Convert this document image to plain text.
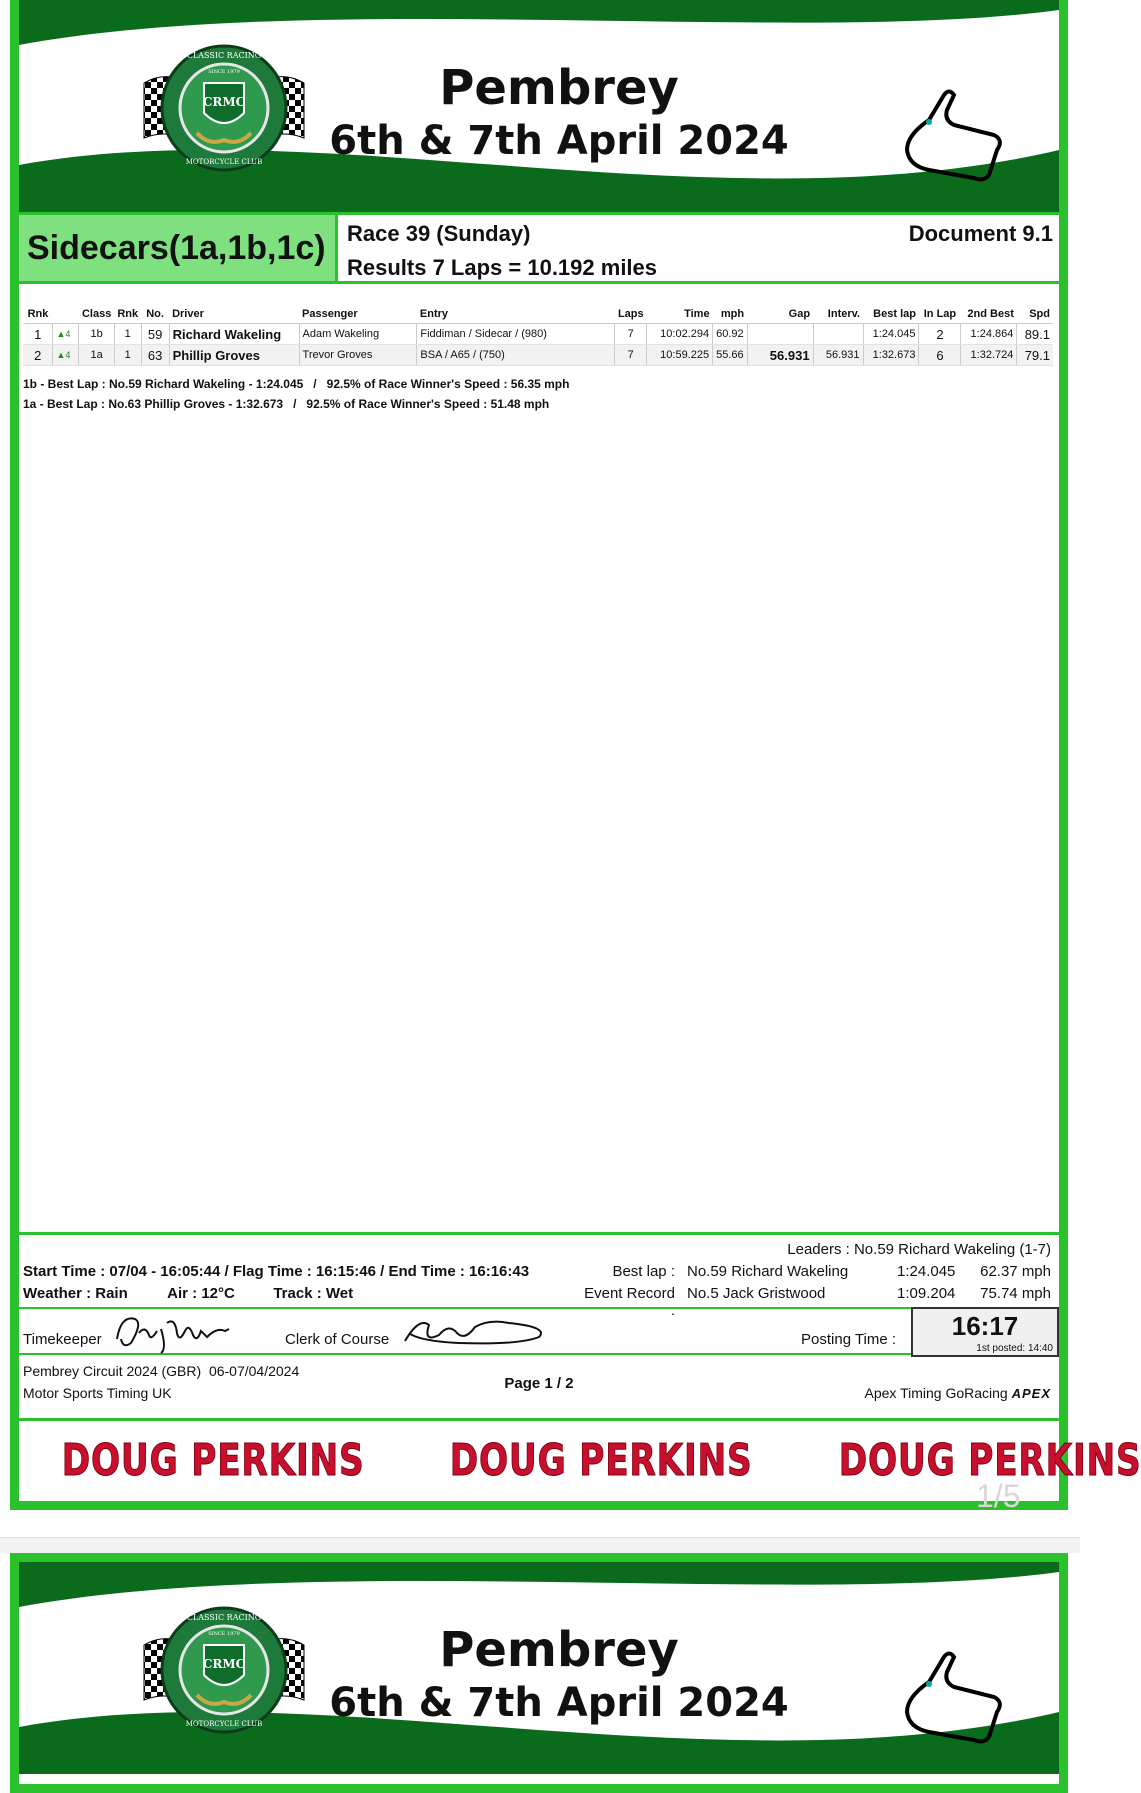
CRMC
CLASSIC RACING
SINCE 1979
MOTORCYCLE CLUB
Pembrey
6th & 7th April 2024
Sidecars(1a,1b,1c) Race 39 (Sunday)
Results 7 Laps = 10.192 miles
Document 9.1
Rnk		Class	Rnk	No.	Driver	Passenger	Entry	Laps	Time	mph	Gap	Interv.	Best lap	In Lap	2nd Best	Spd
1	▲4	1b	1	59	Richard Wakeling	Adam Wakeling	Fiddiman / Sidecar / (980)	7	10:02.294	60.92			1:24.045	2	1:24.864	89.1
2	▲4	1a	1	63	Phillip Groves	Trevor Groves	BSA / A65 / (750)	7	10:59.225	55.66	56.931	56.931	1:32.673	6	1:32.724	79.1
1b - Best Lap : No.59 Richard Wakeling - 1:24.045   /   92.5% of Race Winner's Speed : 56.35 mph
1a - Best Lap : No.63 Phillip Groves - 1:32.673   /   92.5% of Race Winner's Speed : 51.48 mph
Leaders : No.59 Richard Wakeling (1-7)
Start Time : 07/04 - 16:05:44 / Flag Time : 16:15:46 / End Time : 16:16:43
Weather : Rain	Air : 12°C	Track : Wet
Best lap : No.59 Richard Wakeling	1:24.045	62.37 mph
Event Record :
No.5 Jack Gristwood	1:09.204	75.74 mph
Timekeeper	Clerk of Course	Posting Time :	16:17
1st posted: 14:40
Pembrey Circuit 2024 (GBR)  06-07/04/2024
Motor Sports Timing UK
Page 1 / 2
Apex Timing GoRacing APEX
DOUG PERKINS DOUG PERKINS DOUG PERKINS
1/5
CRMC
CLASSIC RACING
SINCE 1979
MOTORCYCLE CLUB
Pembrey
6th & 7th April 2024
